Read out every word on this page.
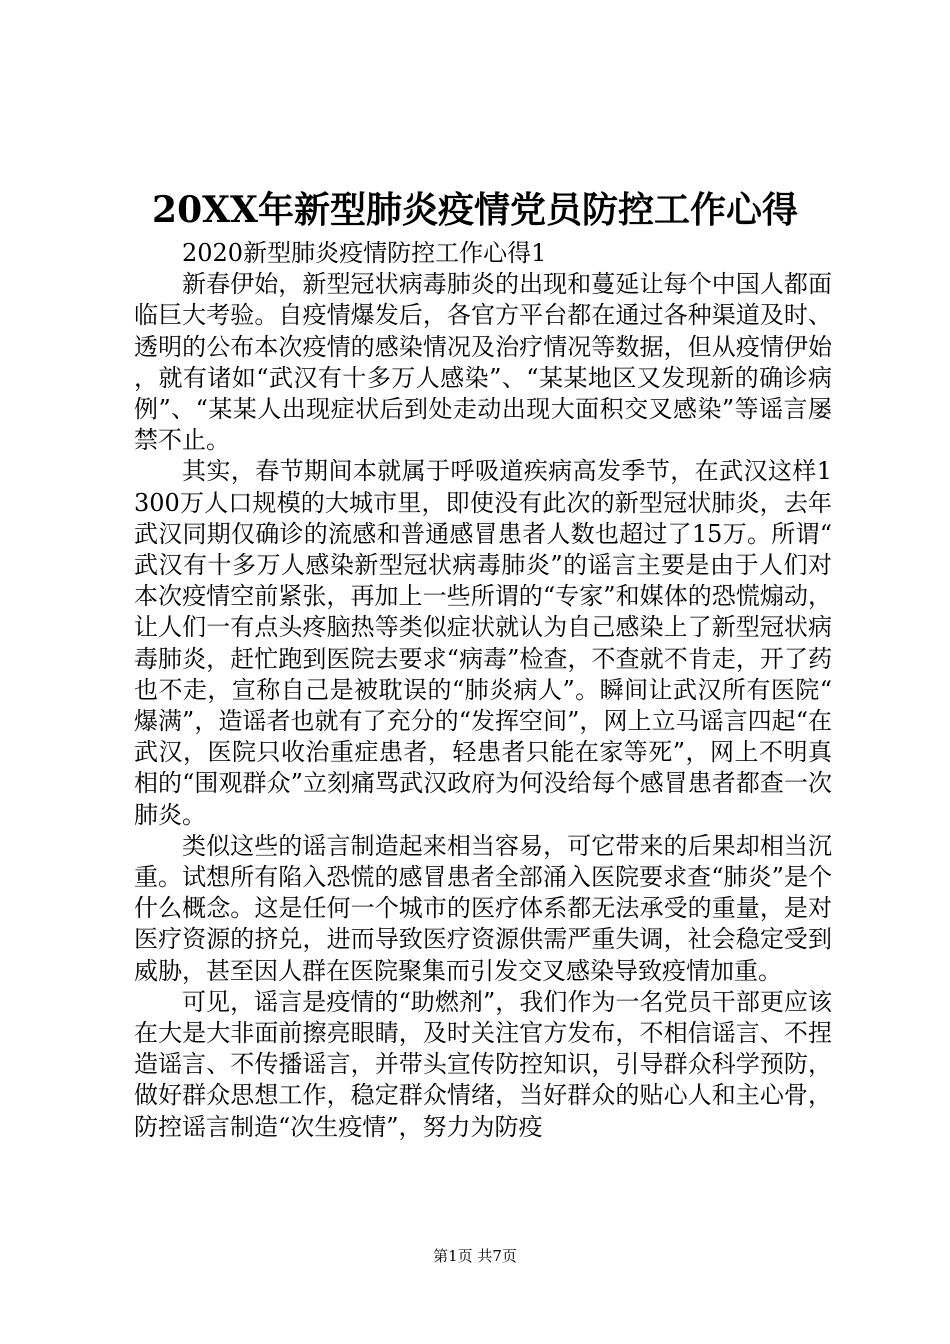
20XX年新型肺炎疫情党员防控工作心得

2020新型肺炎疫情防控工作心得1

新春伊始，新型冠状病毒肺炎的出现和蔓延让每个中国人都面临巨大考验。自疫情爆发后，各官方平台都在通过各种渠道及时、透明的公布本次疫情的感染情况及治疗情况等数据，但从疫情伊始，就有诸如“武汉有十多万人感染”、“某某地区又发现新的确诊病例”、“某某人出现症状后到处走动出现大面积交叉感染”等谣言屡禁不止。

其实，春节期间本就属于呼吸道疾病高发季节，在武汉这样1300万人口规模的大城市里，即使没有此次的新型冠状肺炎，去年武汉同期仅确诊的流感和普通感冒患者人数也超过了15万。所谓“武汉有十多万人感染新型冠状病毒肺炎”的谣言主要是由于人们对本次疫情空前紧张，再加上一些所谓的“专家”和媒体的恐慌煽动，让人们一有点头疼脑热等类似症状就认为自己感染上了新型冠状病毒肺炎，赶忙跑到医院去要求“病毒”检查，不查就不肯走，开了药也不走，宣称自己是被耽误的“肺炎病人”。瞬间让武汉所有医院“爆满”，造谣者也就有了充分的“发挥空间”，网上立马谣言四起“在武汉，医院只收治重症患者，轻患者只能在家等死”，网上不明真相的“围观群众”立刻痛骂武汉政府为何没给每个感冒患者都查一次肺炎。

类似这些的谣言制造起来相当容易，可它带来的后果却相当沉重。试想所有陷入恐慌的感冒患者全部涌入医院要求查“肺炎”是个什么概念。这是任何一个城市的医疗体系都无法承受的重量，是对医疗资源的挤兑，进而导致医疗资源供需严重失调，社会稳定受到威胁，甚至因人群在医院聚集而引发交叉感染导致疫情加重。

可见，谣言是疫情的“助燃剂”，我们作为一名党员干部更应该在大是大非面前擦亮眼睛，及时关注官方发布，不相信谣言、不捏造谣言、不传播谣言，并带头宣传防控知识，引导群众科学预防，做好群众思想工作，稳定群众情绪，当好群众的贴心人和主心骨，防控谣言制造“次生疫情”，努力为防疫

第1页 共7页
